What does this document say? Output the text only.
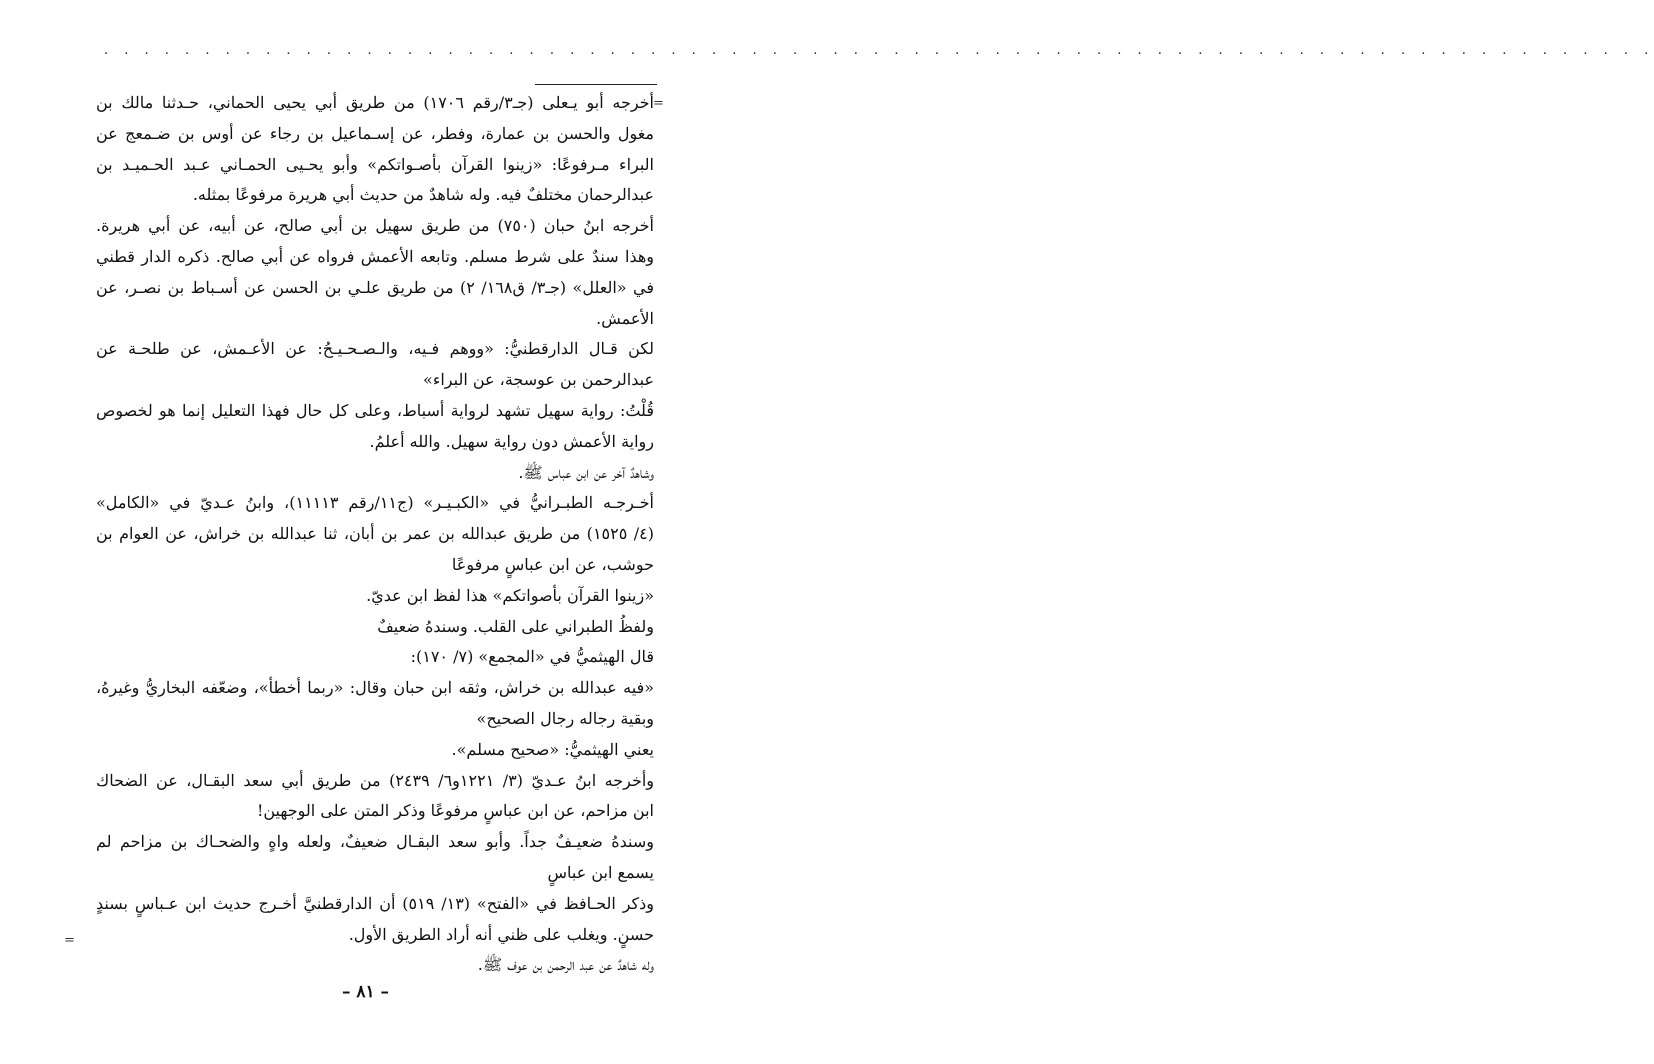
. . . . . . . . . . . . . . . . . . . . . . . . . . . . . . . . . . . . . . . . . . . . . . . . . . . . . . . . . . . . . . . . . . . . . . . . . . . . .
=
=
أخرجه أبو يـعلى (جـ٣/رقم ١٧٠٦) من طريق أبي يحيى الحماني، حـدثنا مالك بن
مغول والحسن بن عمارة، وفطر، عن إسـماعيل بن رجاء عن أوس بن ضـمعج عن
البراء مـرفوعًا: «زينوا القرآن بأصـواتكم» وأبو يحـيى الحمـاني عـبد الحـميـد بن
عبدالرحمان مختلفٌ فيه. وله شاهدٌ من حديث أبي هريرة مرفوعًا بمثله.
أخرجه ابنُ حبان (٧٥٠) من طريق سهيل بن أبي صالح، عن أبيه، عن أبي هريرة.
وهذا سندٌ على شرط مسلم. وتابعه الأعمش فرواه عن أبي صالح. ذكره الدار قطني
في «العلل» (جـ٣/ ق١٦٨/ ٢) من طريق علـي بن الحسن عن أسـباط بن نصـر، عن
الأعمش.
لكن قـال الدارقطنيُّ: «ووهم فـيه، والـصـحـيـحُ: عن الأعـمش، عن طلحـة عن
عبدالرحمن بن عوسجة، عن البراء»
قُلْتُ: رواية سهيل تشهد لرواية أسباط، وعلى كل حال فهذا التعليل إنما هو لخصوص
رواية الأعمش دون رواية سهيل. والله أعلمُ.
وشاهدٌ آخر عن ابن عباس ﷺ.
أخـرجـه الطبـرانيُّ في «الكبـيـر» (ج١١/رقم ١١١١٣)، وابنُ عـديّ في «الكامل»
(٤/ ١٥٢٥) من طريق عبدالله بن عمر بن أبان، ثنا عبدالله بن خراش، عن العوام بن
حوشب، عن ابن عباسٍ مرفوعًا
«زينوا القرآن بأصواتكم» هذا لفظ ابن عديّ.
ولفظُ الطبراني على القلب. وسندهُ ضعيفٌ
قال الهيثميُّ في «المجمع» (٧/ ١٧٠):
«فيه عبدالله بن خراش، وثقه ابن حبان وقال: «ربما أخطأ»، وضعّفه البخاريُّ وغيرهُ،
وبقية رجاله رجال الصحيح»
يعني الهيثميُّ: «صحيح مسلم».
وأخرجه ابنُ عـديّ (٣/ ١٢٢١و٦/ ٢٤٣٩) من طريق أبي سعد البقـال، عن الضحاك
ابن مزاحم، عن ابن عباسٍ مرفوعًا وذكر المتن على الوجهين!
وسندهُ ضعيـفٌ جداً. وأبو سعد البقـال ضعيفٌ، ولعله واهٍ والضحـاك بن مزاحم لم
يسمع ابن عباسٍ
وذكر الحـافظ في «الفتح» (١٣/ ٥١٩) أن الدارقطنيَّ أخـرج حديث ابن عـباسٍ بسندٍ
حسنٍ. ويغلب على ظني أنه أراد الطريق الأول.
وله شاهدٌ عن عبد الرحمن بن عوف ﷺ.
– ٨١ –
